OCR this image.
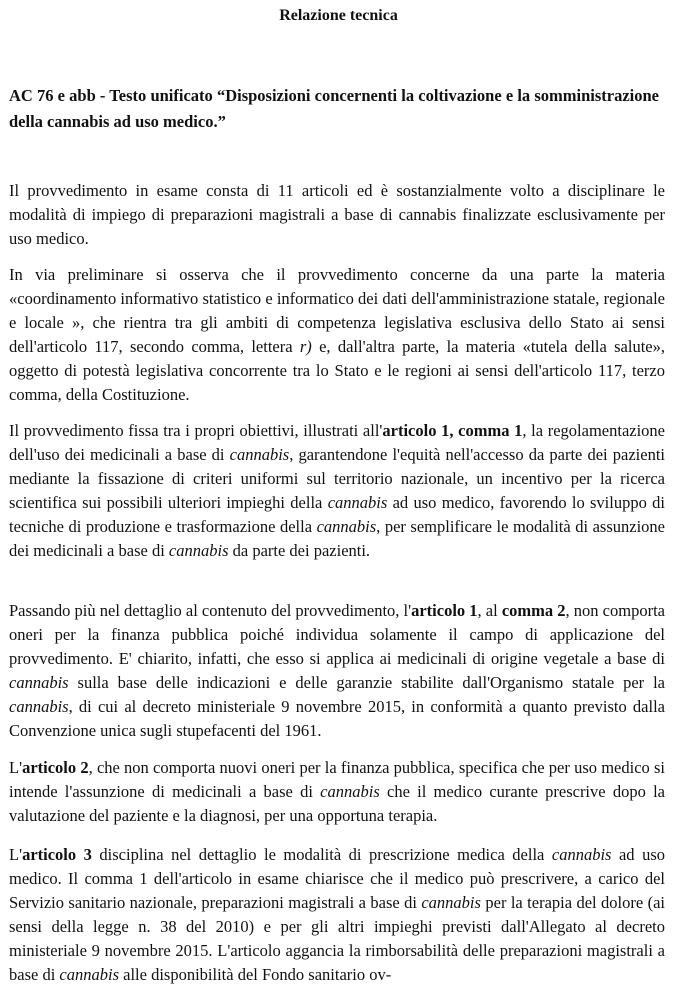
Relazione tecnica

AC 76 e abb - Testo unificato “Disposizioni concernenti la coltivazione e la somministrazione della cannabis ad uso medico.”

Il provvedimento in esame consta di 11 articoli ed è sostanzialmente volto a disciplinare le modalità di impiego di preparazioni magistrali a base di cannabis finalizzate esclusivamente per uso medico.

In via preliminare si osserva che il provvedimento concerne da una parte la materia «coordinamento informativo statistico e informatico dei dati dell'amministrazione statale, regionale e locale », che rientra tra gli ambiti di competenza legislativa esclusiva dello Stato ai sensi dell'articolo 117, secondo comma, lettera r) e, dall'altra parte, la materia «tutela della salute», oggetto di potestà legislativa concorrente tra lo Stato e le regioni ai sensi dell'articolo 117, terzo comma, della Costituzione.

Il provvedimento fissa tra i propri obiettivi, illustrati all'articolo 1, comma 1, la regolamentazione dell'uso dei medicinali a base di cannabis, garantendone l'equità nell'accesso da parte dei pazienti mediante la fissazione di criteri uniformi sul territorio nazionale, un incentivo per la ricerca scientifica sui possibili ulteriori impieghi della cannabis ad uso medico, favorendo lo sviluppo di tecniche di produzione e trasformazione della cannabis, per semplificare le modalità di assunzione dei medicinali a base di cannabis da parte dei pazienti.

Passando più nel dettaglio al contenuto del provvedimento, l'articolo 1, al comma 2, non comporta oneri per la finanza pubblica poiché individua solamente il campo di applicazione del provvedimento. E' chiarito, infatti, che esso si applica ai medicinali di origine vegetale a base di cannabis sulla base delle indicazioni e delle garanzie stabilite dall'Organismo statale per la cannabis, di cui al decreto ministeriale 9 novembre 2015, in conformità a quanto previsto dalla Convenzione unica sugli stupefacenti del 1961.

L'articolo 2, che non comporta nuovi oneri per la finanza pubblica, specifica che per uso medico si intende l'assunzione di medicinali a base di cannabis che il medico curante prescrive dopo la valutazione del paziente e la diagnosi, per una opportuna terapia.

L'articolo 3 disciplina nel dettaglio le modalità di prescrizione medica della cannabis ad uso medico. Il comma 1 dell'articolo in esame chiarisce che il medico può prescrivere, a carico del Servizio sanitario nazionale, preparazioni magistrali a base di cannabis per la terapia del dolore (ai sensi della legge n. 38 del 2010) e per gli altri impieghi previsti dall'Allegato al decreto ministeriale 9 novembre 2015. L'articolo aggancia la rimborsabilità delle preparazioni magistrali a base di cannabis alle disponibilità del Fondo sanitario ov-
